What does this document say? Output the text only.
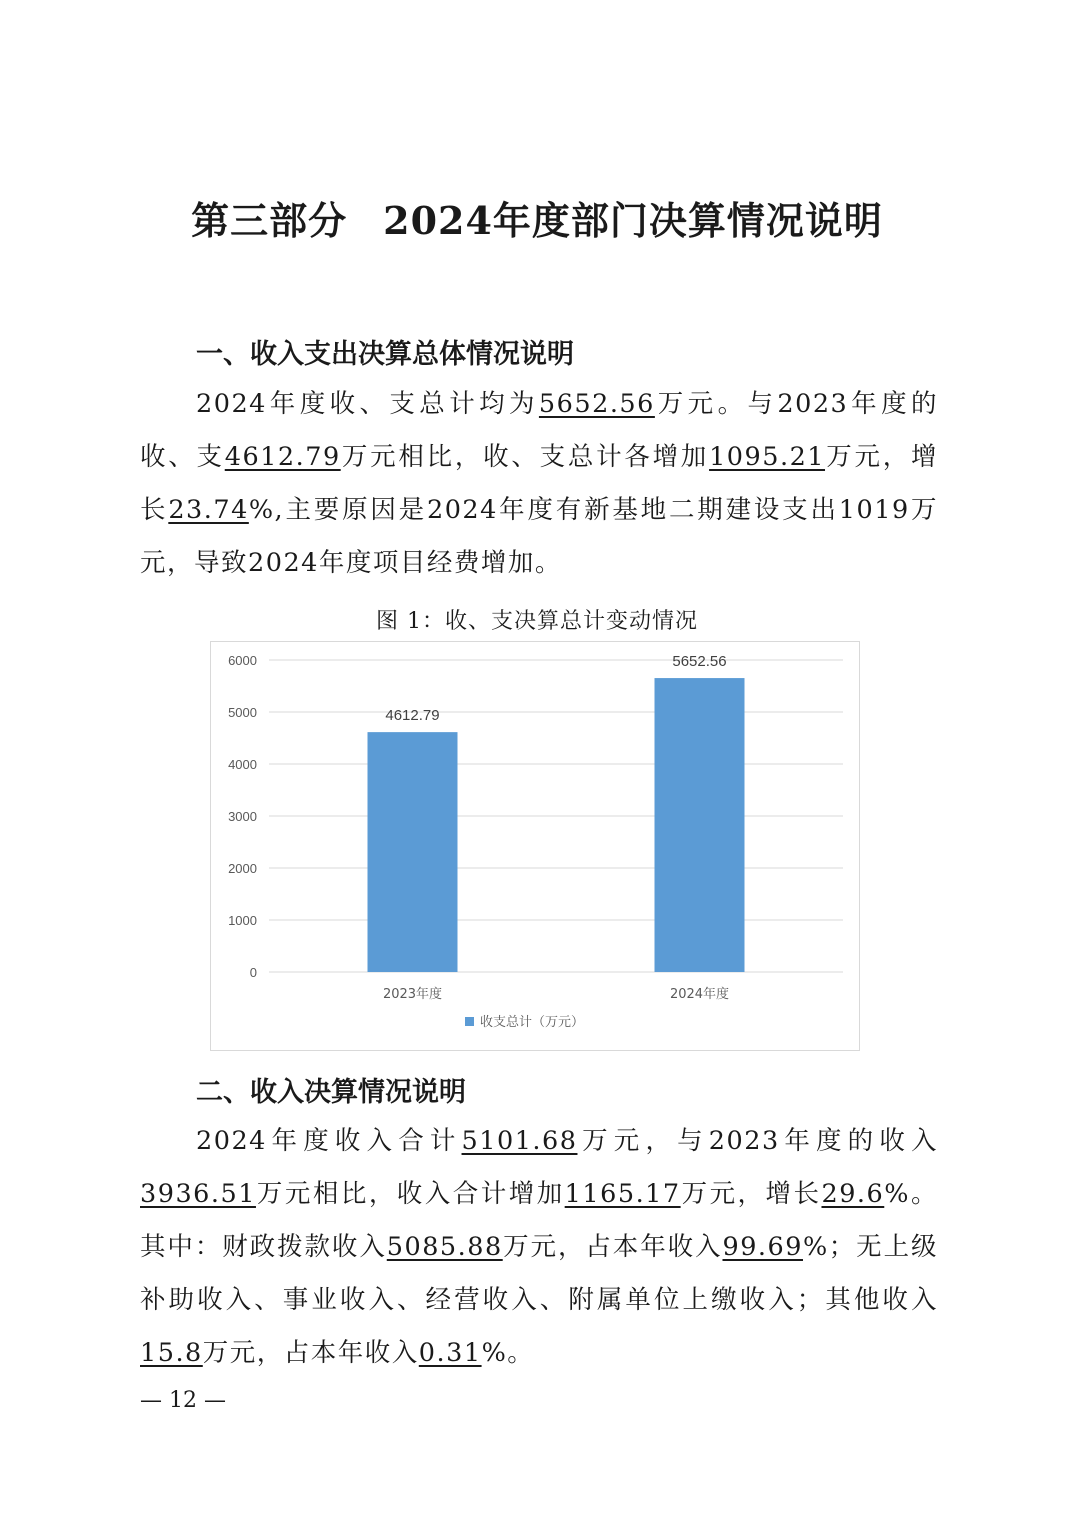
第三部分 2024年度部门决算情况说明
一、收入支出决算总体情况说明

2024年度收、支总计均为5652.56万元。与2023年度的收、支4612.79万元相比，收、支总计各增加1095.21万元，增长23.74%,主要原因是2024年度有新基地二期建设支出1019万元，导致2024年度项目经费增加。

图 1：收、支决算总计变动情况

0
1000
2000
3000
4000
5000
6000
4612.79
2023年度
5652.56
2024年度
收支总计（万元）
二、收入决算情况说明

2024年度收入合计5101.68万元，与2023年度的收入3936.51万元相比，收入合计增加1165.17万元，增长29.6%。其中：财政拨款收入5085.88万元，占本年收入99.69%；无上级补助收入、事业收入、经营收入、附属单位上缴收入；其他收入15.8万元，占本年收入0.31%。

— 12 —
